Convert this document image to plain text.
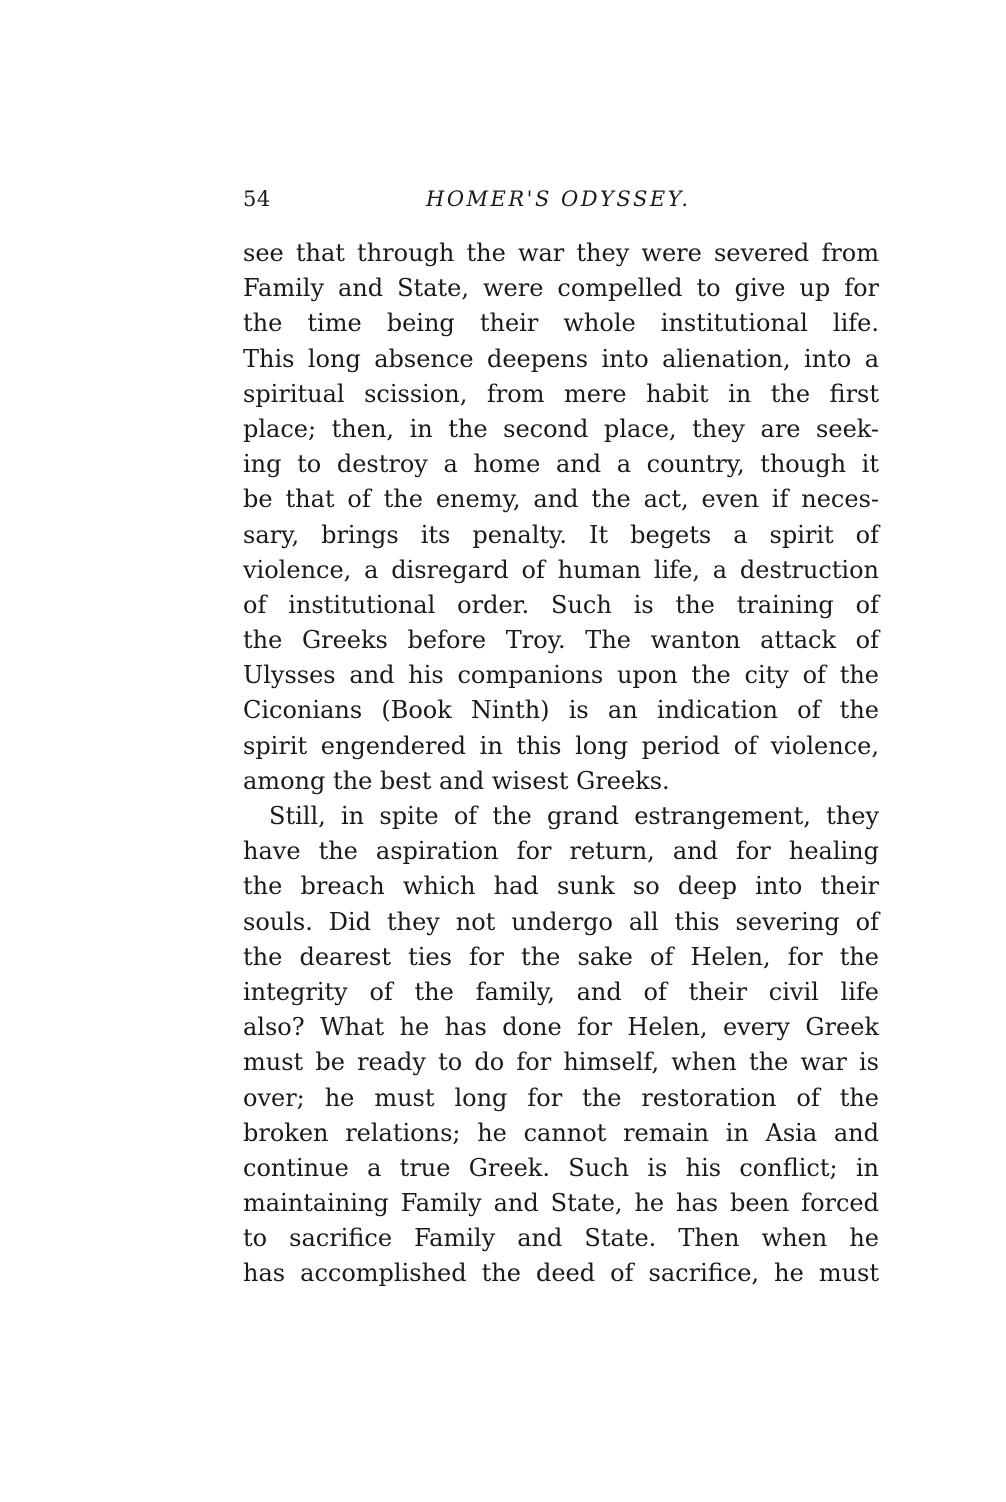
54	HOMER'S ODYSSEY.
see that through the war they were severed from
Family and State, were compelled to give up for
the time being their whole institutional life.
This long absence deepens into alienation, into a
spiritual scission, from mere habit in the first
place; then, in the second place, they are seek-
ing to destroy a home and a country, though it
be that of the enemy, and the act, even if neces-
sary, brings its penalty. It begets a spirit of
violence, a disregard of human life, a destruction
of institutional order. Such is the training of
the Greeks before Troy. The wanton attack of
Ulysses and his companions upon the city of the
Ciconians (Book Ninth) is an indication of the
spirit engendered in this long period of violence,
among the best and wisest Greeks.
Still, in spite of the grand estrangement, they
have the aspiration for return, and for healing
the breach which had sunk so deep into their
souls. Did they not undergo all this severing of
the dearest ties for the sake of Helen, for the
integrity of the family, and of their civil life
also? What he has done for Helen, every Greek
must be ready to do for himself, when the war is
over; he must long for the restoration of the
broken relations; he cannot remain in Asia and
continue a true Greek. Such is his conflict; in
maintaining Family and State, he has been forced
to sacrifice Family and State. Then when he
has accomplished the deed of sacrifice, he must
